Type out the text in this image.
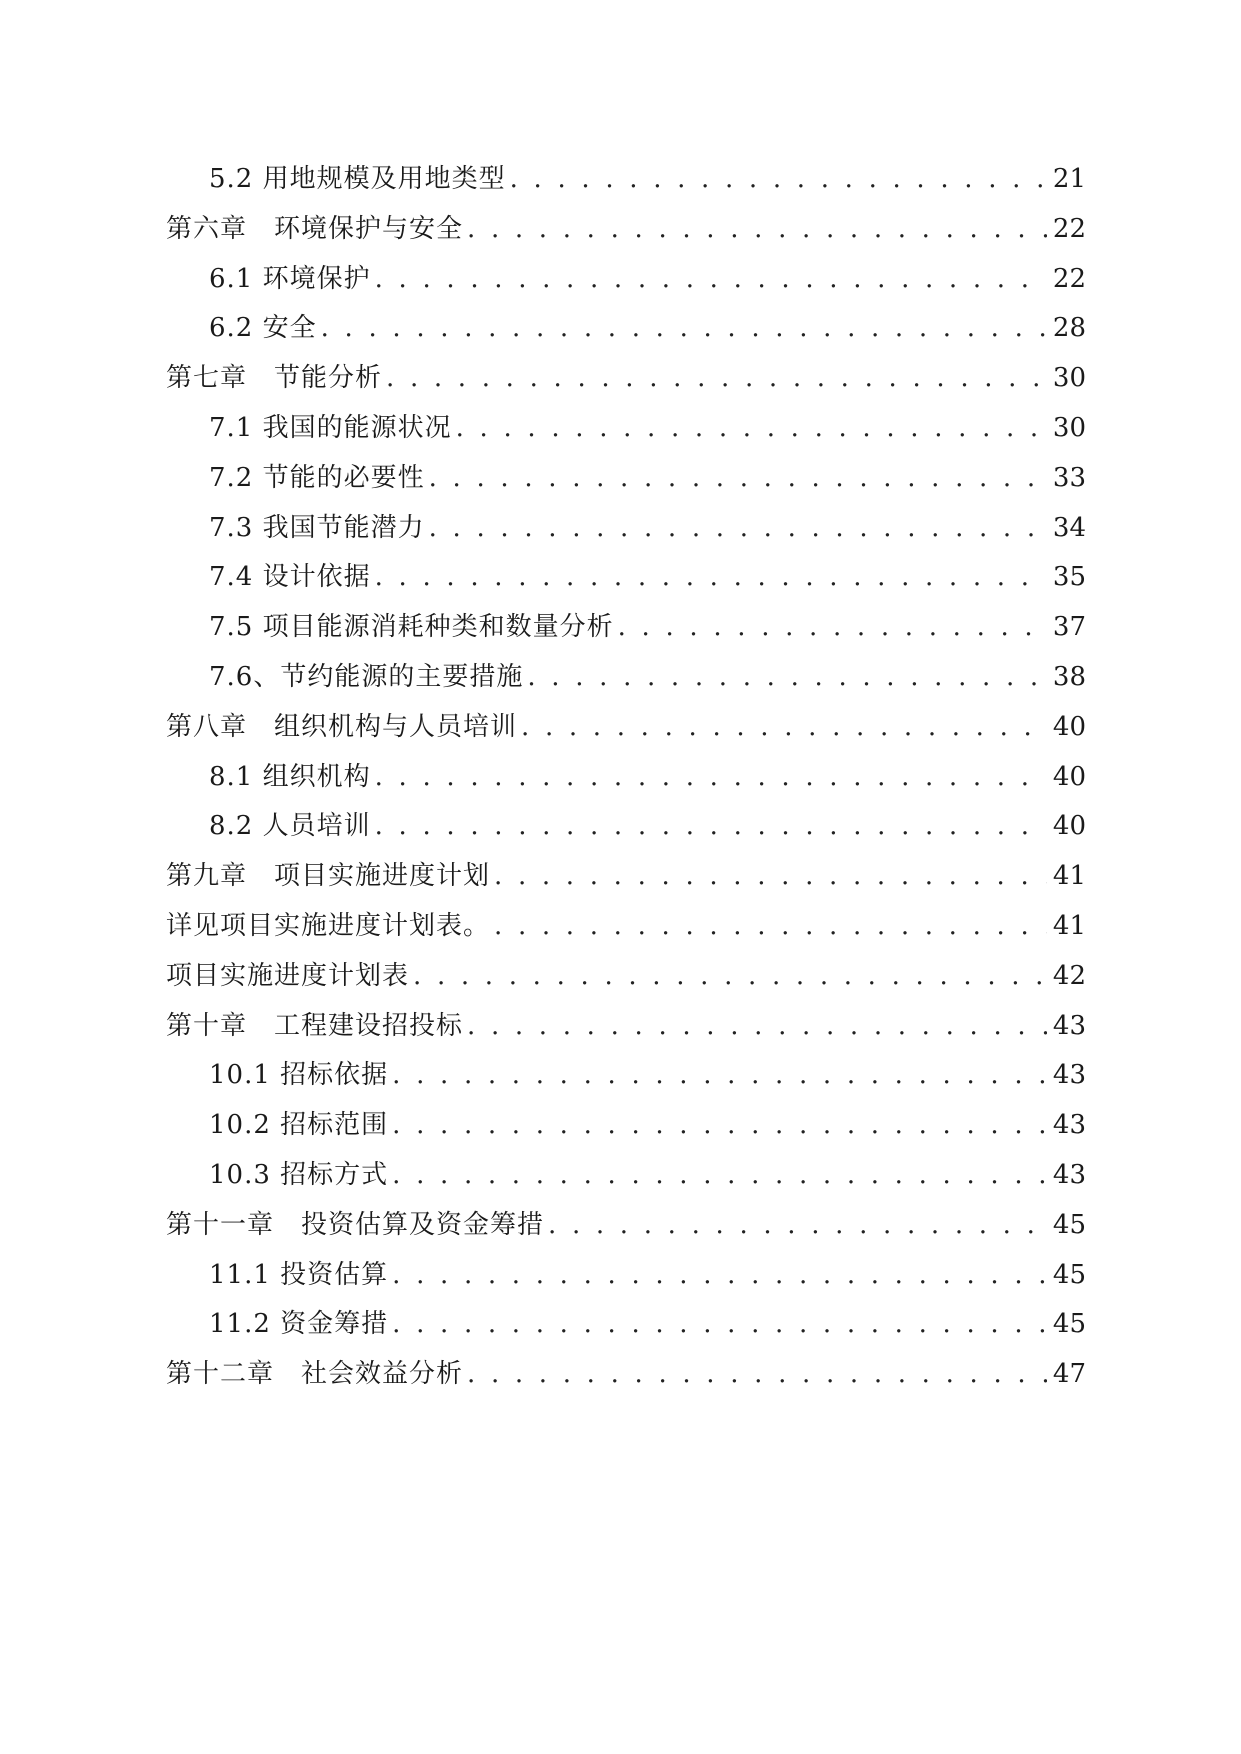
5.2 用地规模及用地类型 . . .	21
第六章　环境保护与安全 . . .	22
6.1 环境保护 . . .	22
6.2 安全 . . .	28
第七章　节能分析 . . .	30
7.1 我国的能源状况 . . .	30
7.2 节能的必要性 . . .	33
7.3 我国节能潜力 . . .	34
7.4 设计依据 . . .	35
7.5 项目能源消耗种类和数量分析 . . .	37
7.6、节约能源的主要措施 . . .	38
第八章　组织机构与人员培训 . . .	40
8.1 组织机构 . . .	40
8.2 人员培训 . . .	40
第九章　项目实施进度计划 . . .	41
详见项目实施进度计划表。 . . .	41
项目实施进度计划表 . . .	42
第十章　工程建设招投标 . . .	43
10.1 招标依据 . . .	43
10.2 招标范围 . . .	43
10.3 招标方式 . . .	43
第十一章　投资估算及资金筹措 . . .	45
11.1 投资估算 . . .	45
11.2 资金筹措 . . .	45
第十二章　社会效益分析 . . .	47
